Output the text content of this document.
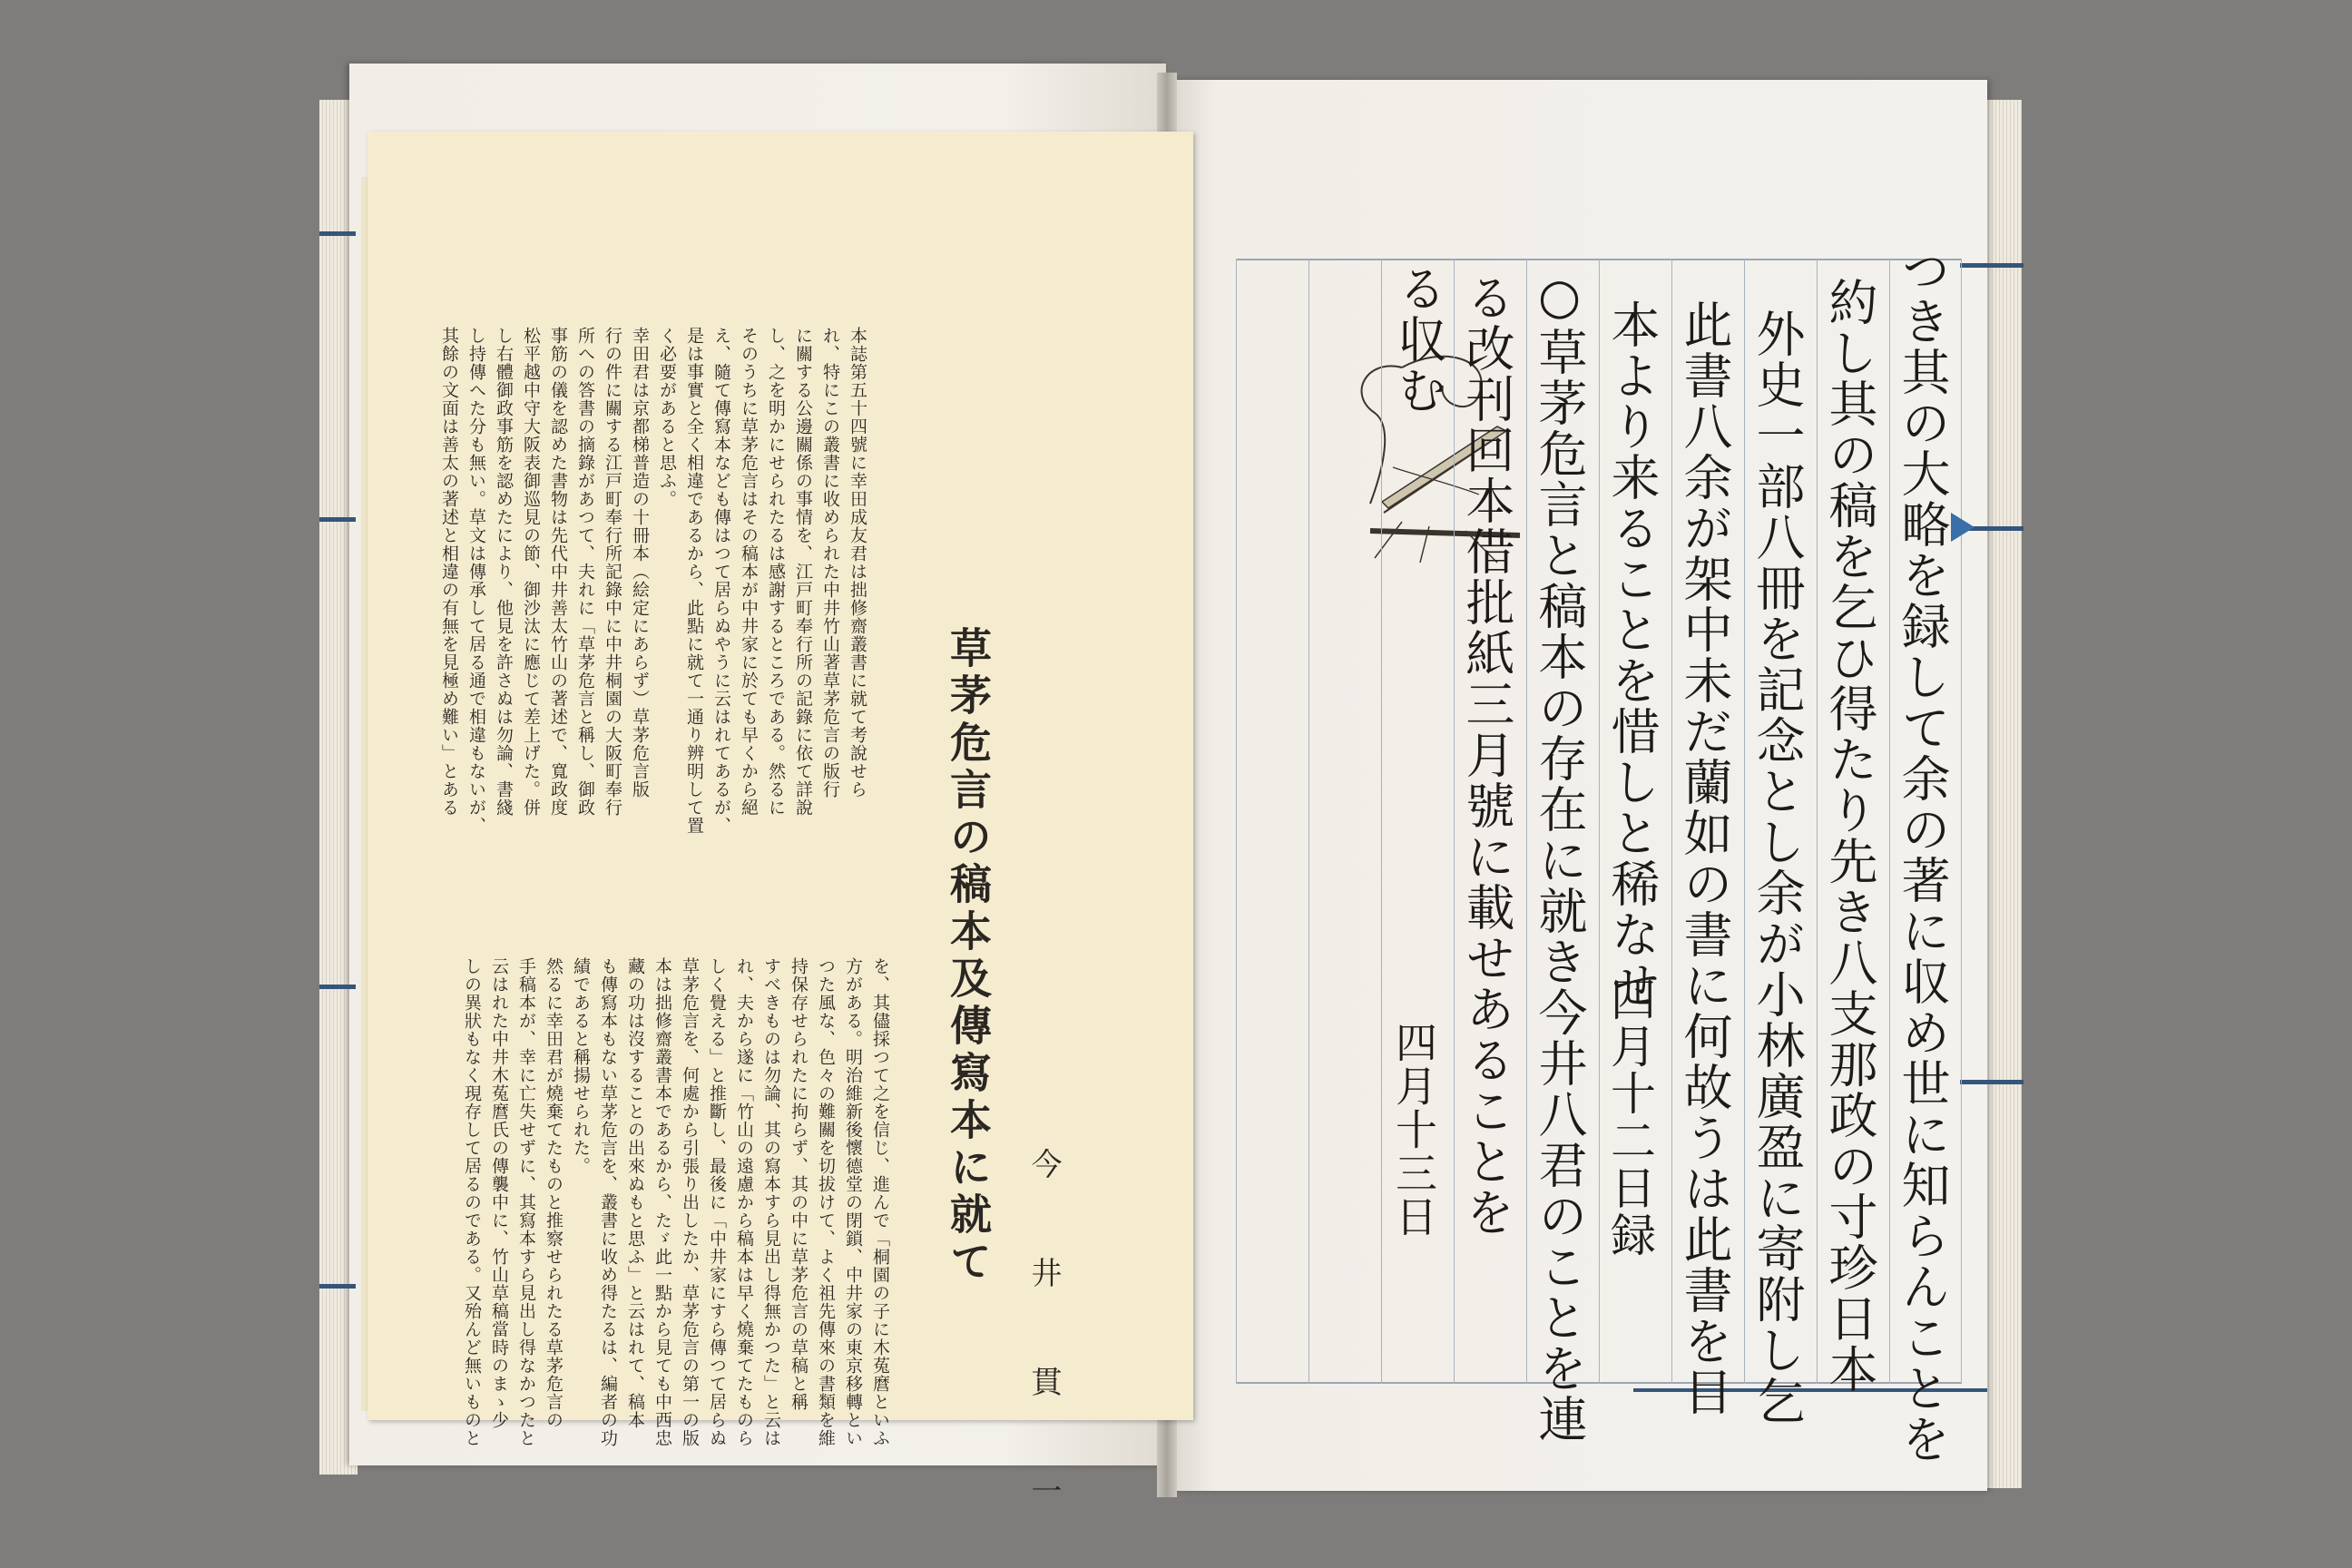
本誌第五十四號に幸田成友君は拙修齋叢書に就て考說せら
れ、特にこの叢書に收められた中井竹山著草茅危言の版行
に關する公邊關係の事情を、江戸町奉行所の記錄に依て詳說
し、之を明かにせられたるは感謝するところである。然るに
そのうちに草茅危言はその稿本が中井家に於ても早くから絕
え、隨て傳寫本なども傳はつて居らぬやうに云はれてあるが、
是は事實と全く相違であるから、此點に就て一通り辨明して置
く必要があると思ふ。
幸田君は京都梯普造の十冊本（絵定にあらず）草茅危言版
行の件に關する江戸町奉行所記錄中に中井桐園の大阪町奉行
所への答書の摘錄があつて、夫れに「草茅危言と稱し、御政
事筋の儀を認めた書物は先代中井善太竹山の著述で、寬政度
松平越中守大阪表御巡見の節、御沙汰に應じて差上げた。併
し右體御政事筋を認めたにより、他見を許さぬは勿論、書綫
し持傳へた分も無い。草文は傳承して居る通で相違もないが、
其餘の文面は善太の著述と相違の有無を見極め難い」とある
草茅危言の稿本及傳寫本に就て
今　井　貫　一
を、其儘採つて之を信じ、進んで「桐園の子に木菟麿といふ
方がある。明治維新後懷德堂の閉鎖、中井家の東京移轉とい
つた風な、色々の難關を切拔けて、よく祖先傳來の書類を維
持保存せられたに拘らず、其の中に草茅危言の草稿と稱
すべきものは勿論、其の寫本すら見出し得無かつた」と云は
れ、夫から遂に「竹山の遠慮から稿本は早く燒棄てたものら
しく覺える」と推斷し、最後に「中井家にすら傳つて居らぬ
草茅危言を、何處から引張り出したか、草茅危言の第一の版
本は拙修齋叢書本であるから、たゞ此一點から見ても中西忠
藏の功は沒することの出來ぬもと思ふ」と云はれて、稿本
も傳寫本もない草茅危言を、叢書に收め得たるは、編者の功
績であると稱揚せられた。
然るに幸田君が燒棄てたものと推察せられたる草茅危言の
手稿本が、幸に亡失せずに、其寫本すら見出し得なかつたと
云はれた中井木菟麿氏の傳襲中に、竹山草稿當時のまゝ少
しの異狀もなく現存して居るのである。又殆んど無いものと	つき其の大略を録して余の著に収め世に知らんことを
約し其の稿を乞ひ得たり先き八支那政の寸珍日本
外史一部八冊を記念とし余が小林廣盈に寄附し乞
此書八余が架中未だ蘭如の書に何故うは此書を目
本より来ることを惜しと稀なせ
○草茅危言と稿本の存在に就き今井八君のことを連
る改刊回本借批紙三月號に載せあることを
る収む
四月十二日録
四月十三日
